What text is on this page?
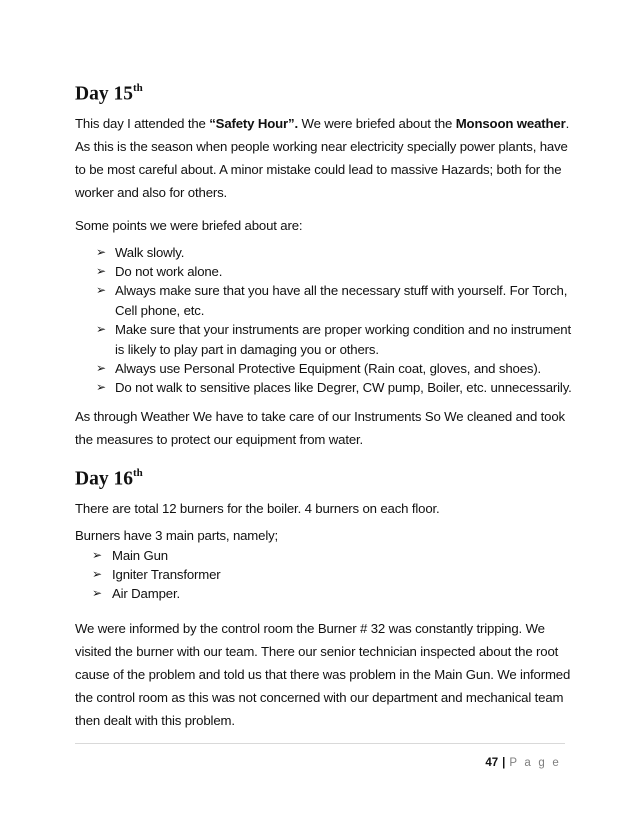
Day 15th

This day I attended the “Safety Hour”. We were briefed about the Monsoon weather. As this is the season when people working near electricity specially power plants, have to be most careful about. A minor mistake could lead to massive Hazards; both for the worker and also for others.

Some points we were briefed about are:

➢ Walk slowly.
➢ Do not work alone.
➢ Always make sure that you have all the necessary stuff with yourself. For Torch, Cell phone, etc.
➢ Make sure that your instruments are proper working condition and no instrument is likely to play part in damaging you or others.
➢ Always use Personal Protective Equipment (Rain coat, gloves, and shoes).
➢ Do not walk to sensitive places like Degrer, CW pump, Boiler, etc. unnecessarily.

As through Weather We have to take care of our Instruments So We cleaned and took the measures to protect our equipment from water.

Day 16th

There are total 12 burners for the boiler. 4 burners on each floor.

Burners have 3 main parts, namely;

➢ Main Gun
➢ Igniter Transformer
➢ Air Damper.

We were informed by the control room the Burner # 32 was constantly tripping. We visited the burner with our team. There our senior technician inspected about the root cause of the problem and told us that there was problem in the Main Gun. We informed the control room as this was not concerned with our department and mechanical team then dealt with this problem.

47 | P a g e
